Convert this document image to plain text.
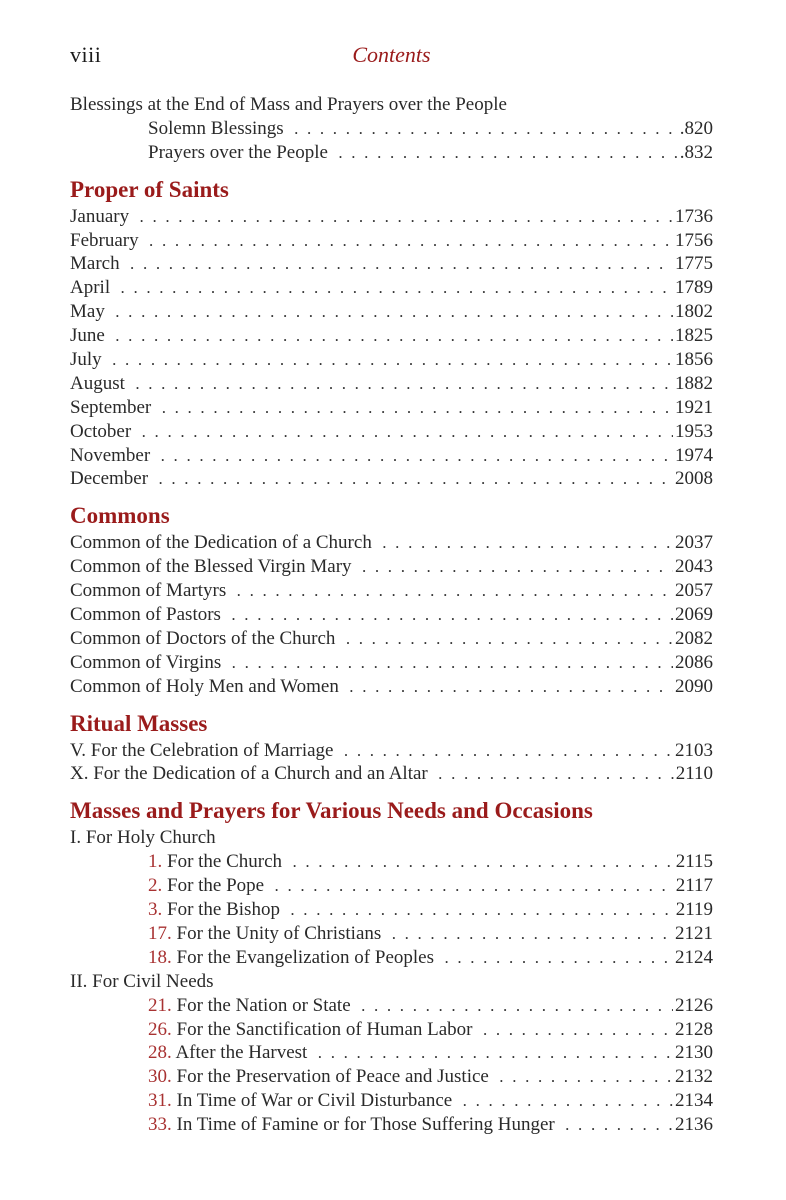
viii	Contents
Blessings at the End of Mass and Prayers over the People
Solemn Blessings . . .	.820
Prayers over the People . . .	.832
Proper of Saints
January . . .	1736
February . . .	1756
March . . .	1775
April . . .	1789
May . . .	1802
June . . .	1825
July . . .	1856
August . . .	1882
September . . .	1921
October . . .	1953
November . . .	1974
December . . .	2008
Commons
Common of the Dedication of a Church . . .	2037
Common of the Blessed Virgin Mary . . .	2043
Common of Martyrs . . .	2057
Common of Pastors . . .	2069
Common of Doctors of the Church . . .	2082
Common of Virgins . . .	2086
Common of Holy Men and Women . . .	2090
Ritual Masses
V. For the Celebration of Marriage . . .	2103
X. For the Dedication of a Church and an Altar . . .	2110
Masses and Prayers for Various Needs and Occasions
I. For Holy Church
1. For the Church . . .	2115
2. For the Pope . . .	2117
3. For the Bishop . . .	2119
17. For the Unity of Christians . . .	2121
18. For the Evangelization of Peoples . . .	2124
II. For Civil Needs
21. For the Nation or State . . .	2126
26. For the Sanctification of Human Labor . . .	2128
28. After the Harvest . . .	2130
30. For the Preservation of Peace and Justice . . .	2132
31. In Time of War or Civil Disturbance . . .	2134
33. In Time of Famine or for Those Suffering Hunger . . .	2136
